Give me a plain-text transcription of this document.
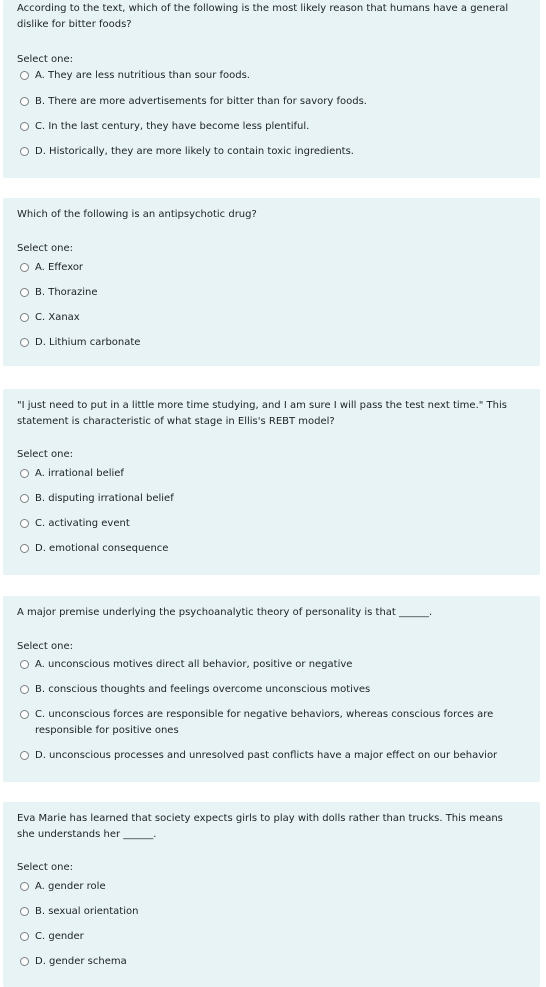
According to the text, which of the following is the most likely reason that humans have a general dislike for bitter foods?
Select one:
A. They are less nutritious than sour foods.
B. There are more advertisements for bitter than for savory foods.
C. In the last century, they have become less plentiful.
D. Historically, they are more likely to contain toxic ingredients.
Which of the following is an antipsychotic drug?
Select one:
A. Effexor
B. Thorazine
C. Xanax
D. Lithium carbonate
"I just need to put in a little more time studying, and I am sure I will pass the test next time." This statement is characteristic of what stage in Ellis's REBT model?
Select one:
A. irrational belief
B. disputing irrational belief
C. activating event
D. emotional consequence
A major premise underlying the psychoanalytic theory of personality is that ______.
Select one:
A. unconscious motives direct all behavior, positive or negative
B. conscious thoughts and feelings overcome unconscious motives
C. unconscious forces are responsible for negative behaviors, whereas conscious forces are responsible for positive ones
D. unconscious processes and unresolved past conflicts have a major effect on our behavior
Eva Marie has learned that society expects girls to play with dolls rather than trucks. This means she understands her ______.
Select one:
A. gender role
B. sexual orientation
C. gender
D. gender schema
